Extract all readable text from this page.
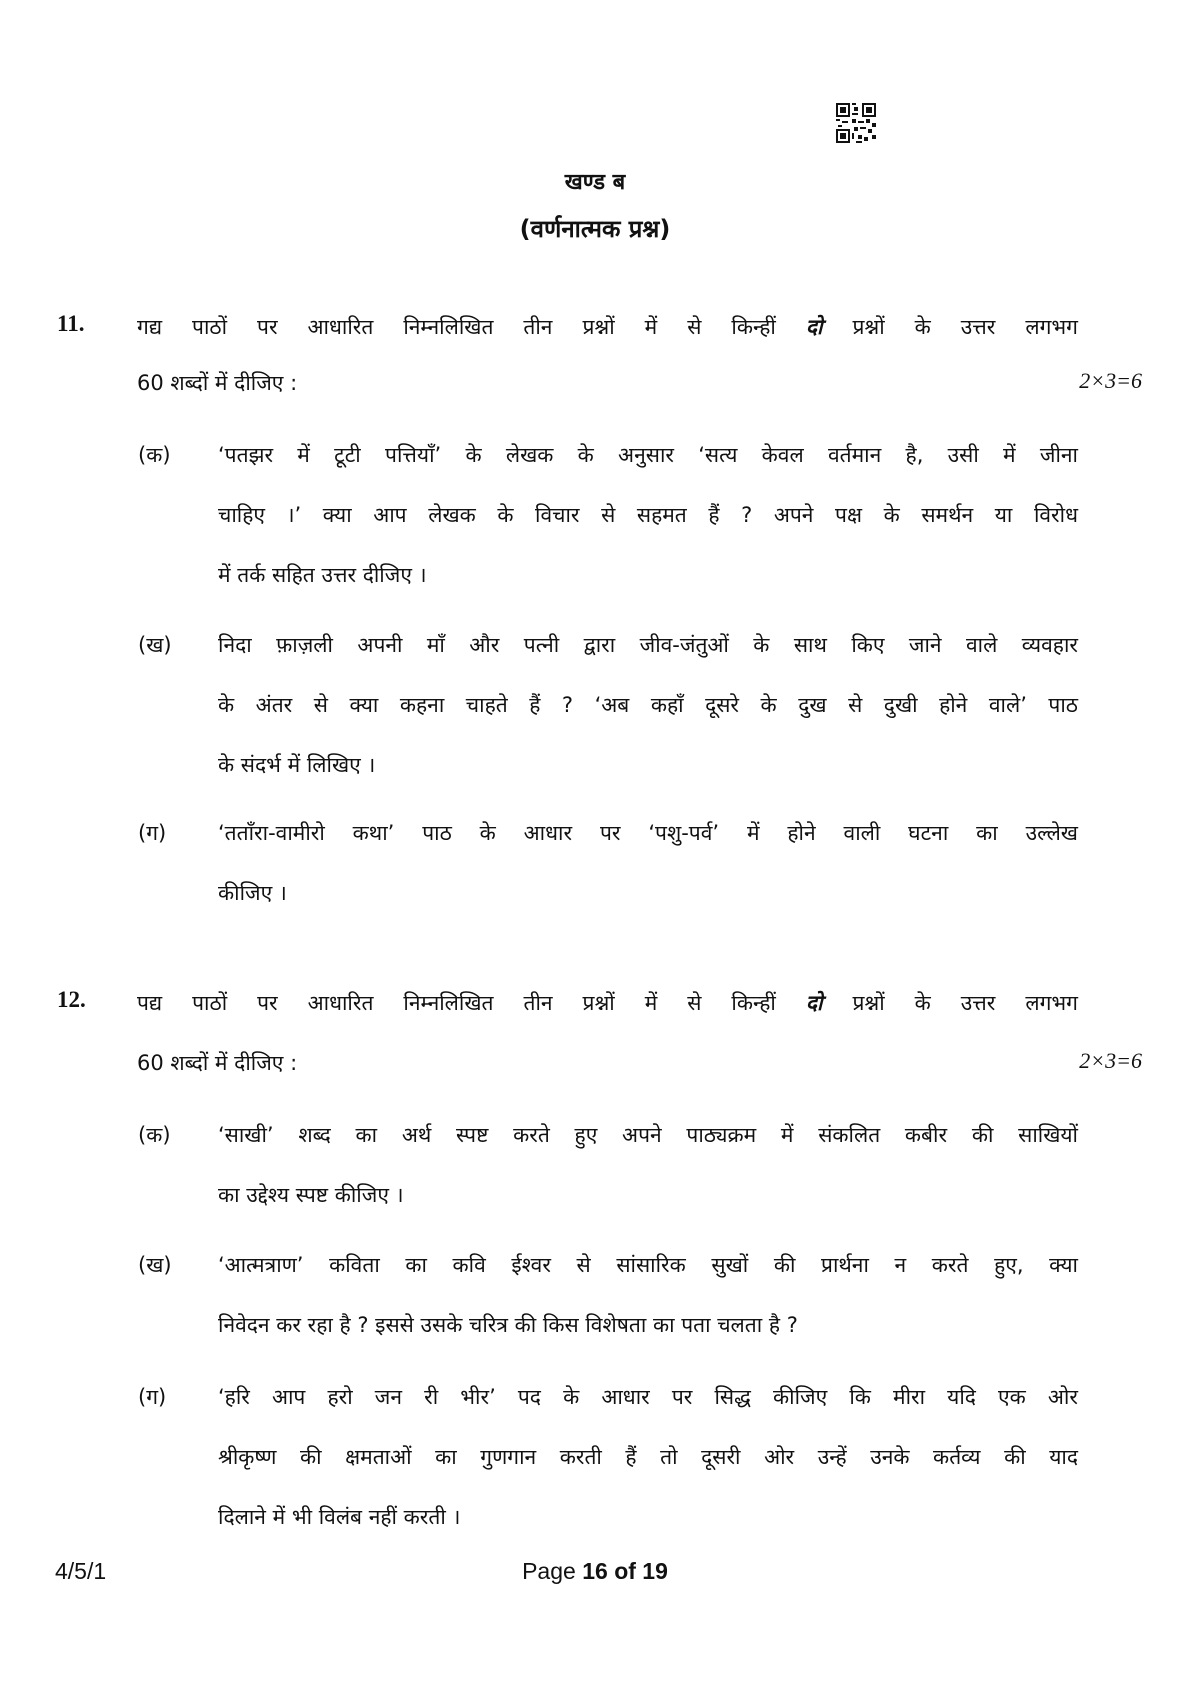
खण्ड ब
(वर्णनात्मक प्रश्न)
11.	गद्य पाठों पर आधारित निम्नलिखित तीन प्रश्नों में से किन्हीं दो प्रश्नों के उत्तर लगभग
60 शब्दों में दीजिए :	2×3=6
(क) ‘पतझर में टूटी पत्तियाँ’ के लेखक के अनुसार ‘सत्य केवल वर्तमान है, उसी में जीना
चाहिए ।’ क्या आप लेखक के विचार से सहमत हैं ? अपने पक्ष के समर्थन या विरोध
में तर्क सहित उत्तर दीजिए ।
(ख) निदा फ़ाज़ली अपनी माँ और पत्नी द्वारा जीव-जंतुओं के साथ किए जाने वाले व्यवहार
के अंतर से क्या कहना चाहते हैं ? ‘अब कहाँ दूसरे के दुख से दुखी होने वाले’ पाठ
के संदर्भ में लिखिए ।
(ग) ‘तताँरा-वामीरो कथा’ पाठ के आधार पर ‘पशु-पर्व’ में होने वाली घटना का उल्लेख
कीजिए ।
12. पद्य पाठों पर आधारित निम्नलिखित तीन प्रश्नों में से किन्हीं दो प्रश्नों के उत्तर लगभग
60 शब्दों में दीजिए :	2×3=6
(क) ‘साखी’ शब्द का अर्थ स्पष्ट करते हुए अपने पाठ्यक्रम में संकलित कबीर की साखियों
का उद्देश्य स्पष्ट कीजिए ।
(ख) ‘आत्मत्राण’ कविता का कवि ईश्वर से सांसारिक सुखों की प्रार्थना न करते हुए, क्या
निवेदन कर रहा है ? इससे उसके चरित्र की किस विशेषता का पता चलता है ?
(ग) ‘हरि आप हरो जन री भीर’ पद के आधार पर सिद्ध कीजिए कि मीरा यदि एक ओर
श्रीकृष्ण की क्षमताओं का गुणगान करती हैं तो दूसरी ओर उन्हें उनके कर्तव्य की याद
दिलाने में भी विलंब नहीं करती ।
4/5/1	Page 16 of 19
